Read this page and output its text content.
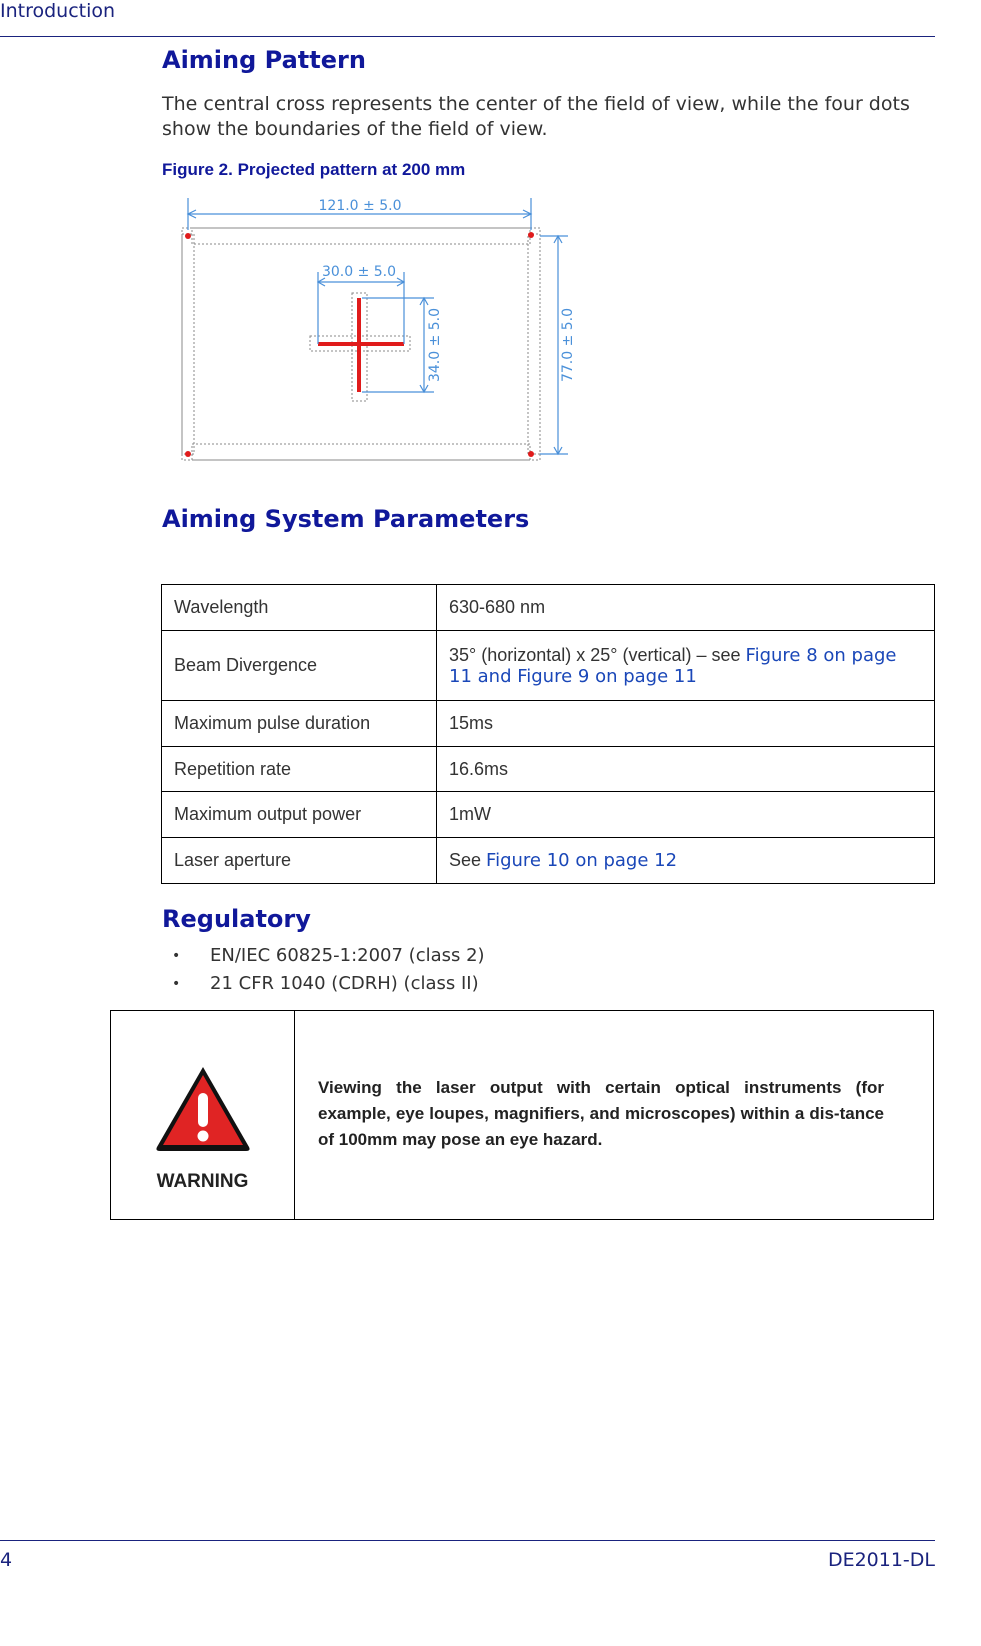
Introduction
Aiming Pattern
The central cross represents the center of the field of view, while the four dots show the boundaries of the field of view.
Figure 2. Projected pattern at 200 mm
121.0 ± 5.0
30.0 ± 5.0
34.0 ± 5.0	77.0 ± 5.0
Aiming System Parameters
Wavelength	630-680 nm
Beam Divergence	35° (horizontal) x 25° (vertical) – see Figure 8 on page 11 and Figure 9 on page 11
Maximum pulse duration	15ms
Repetition rate	16.6ms
Maximum output power	1mW
Laser aperture	See Figure 10 on page 12
Regulatory
•	EN/IEC 60825-1:2007 (class 2)
•	21 CFR 1040 (CDRH) (class II)
WARNING
Viewing the laser output with certain optical instruments (for example, eye loupes, magnifiers, and microscopes) within a dis-tance of 100mm may pose an eye hazard.
4	DE2011-DL
